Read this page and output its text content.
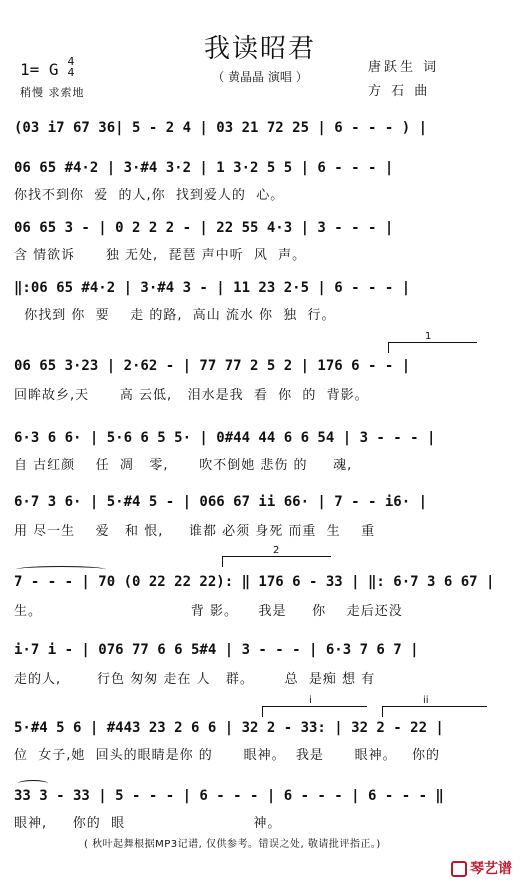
我读昭君
（ 黄晶晶 演唱 ）
1= G 4
4
稍慢 求索地
唐跃生 词
方 石 曲
(03 i7 67 36| 5 - 2 4 | 03 21 72 25 | 6 - - - ) |
06 65 #4·2 | 3·#4 3·2 | 1 3·2 5 5 | 6 - - - |
你找不到你  爱  的人,你  找到爱人的  心。
06 65 3 - | 0 2 2 2 - | 22 55 4·3 | 3 - - - |
含 情欲诉      独 无处,  琵琶 声中听  风  声。
‖:06 65 #4·2 | 3·#4 3 - | 11 23 2·5 | 6 - - - |
你找到 你  要    走 的路,  高山 流水 你  独  行。
1
06 65 3·23 | 2·62 - | 77 77 2 5 2 | 176 6 - - |
回眸故乡,天      高 云低,   泪水是我  看  你  的  背影。
6·3 6 6· | 5·6 6 5 5· | 0#44 44 6 6 54 | 3 - - - |
自 古红颜    任  凋   零,      吹不倒她 悲伤 的     魂,
6·7 3 6· | 5·#4 5 - | 066 67 ii 66· | 7 - - i6· |
用 尽一生    爱   和 恨,     谁都 必须 身死 而重  生    重
2
7 - - - | 70 (0 22 22 22): ‖ 176 6 - 33 | ‖: 6·7 3 6 67 |
生。                             背 影。    我是     你    走后还没
i·7 i - | 076 77 6 6 5#4 | 3 - - - | 6·3 7 6 7 |
走的人,       行色 匆匆 走在 人   群。      总  是痴 想 有
i	ii
5·#4 5 6 | #443 23 2 6 6 | 32 2 - 33: | 32 2 - 22 |
位  女子,她  回头的眼睛是你 的      眼神。  我是      眼神。   你的
33 3 - 33 | 5 - - - | 6 - - - | 6 - - - | 6 - - - ‖
眼神,     你的  眼                         神。
( 秋叶起舞根据MP3记谱, 仅供参考。错误之处, 敬请批评指正。)
琴艺谱
